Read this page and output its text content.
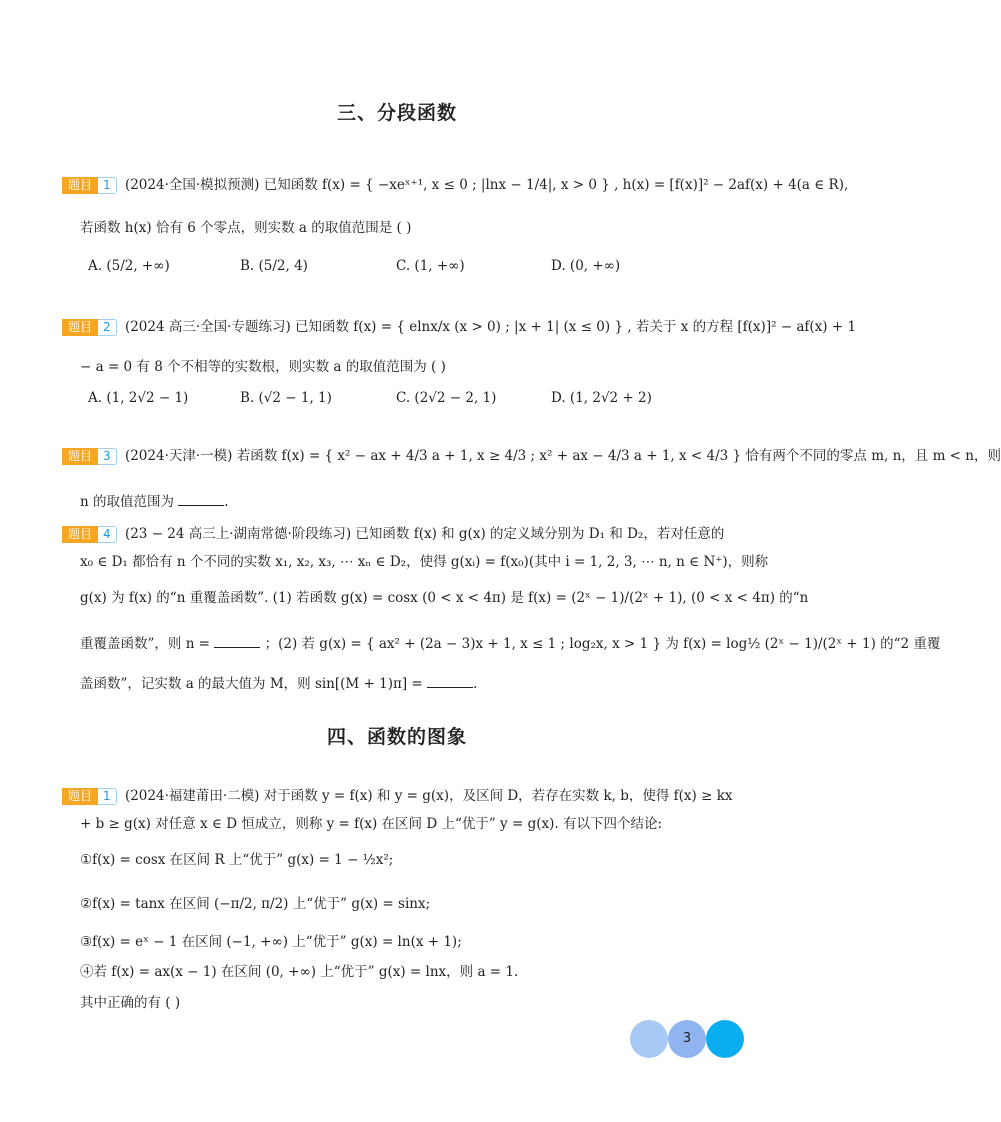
三、分段函数
题目 1	(2024·全国·模拟预测) 已知函数 f(x) = { −xeˣ⁺¹, x ≤ 0 ; |lnx − 1/4|, x > 0 } , h(x) = [f(x)]² − 2af(x) + 4(a ∈ R),
若函数 h(x) 恰有 6 个零点，则实数 a 的取值范围是 ( )
A. (5/2, +∞)	B. (5/2, 4)	C. (1, +∞)	D. (0, +∞)
题目 2	(2024 高三·全国·专题练习) 已知函数 f(x) = { elnx/x (x > 0) ; |x + 1| (x ≤ 0) } , 若关于 x 的方程 [f(x)]² − af(x) + 1
− a = 0 有 8 个不相等的实数根，则实数 a 的取值范围为 ( )
A. (1, 2√2 − 1)	B. (√2 − 1, 1)	C. (2√2 − 2, 1)	D. (1, 2√2 + 2)
题目 3	(2024·天津·一模) 若函数 f(x) = { x² − ax + 4/3 a + 1, x ≥ 4/3 ; x² + ax − 4/3 a + 1, x < 4/3 } 恰有两个不同的零点 m, n，且 m < n，则
n 的取值范围为	.
题目 4	(23 − 24 高三上·湖南常德·阶段练习) 已知函数 f(x) 和 g(x) 的定义域分别为 D₁ 和 D₂，若对任意的
x₀ ∈ D₁ 都恰有 n 个不同的实数 x₁, x₂, x₃, ⋯ xₙ ∈ D₂，使得 g(xᵢ) = f(x₀)(其中 i = 1, 2, 3, ⋯ n, n ∈ N⁺)，则称
g(x) 为 f(x) 的“n 重覆盖函数”. (1) 若函数 g(x) = cosx (0 < x < 4π) 是 f(x) = (2ˣ − 1)/(2ˣ + 1), (0 < x < 4π) 的“n
重覆盖函数”，则 n =	；(2) 若 g(x) = { ax² + (2a − 3)x + 1, x ≤ 1 ; log₂x, x > 1 } 为 f(x) = log½ (2ˣ − 1)/(2ˣ + 1) 的“2 重覆
盖函数”，记实数 a 的最大值为 M，则 sin[(M + 1)π] =	.
四、函数的图象
题目 1	(2024·福建莆田·二模) 对于函数 y = f(x) 和 y = g(x)，及区间 D，若存在实数 k, b，使得 f(x) ≥ kx
+ b ≥ g(x) 对任意 x ∈ D 恒成立，则称 y = f(x) 在区间 D 上“优于” y = g(x). 有以下四个结论:
①f(x) = cosx 在区间 R 上“优于” g(x) = 1 − ½x²;
②f(x) = tanx 在区间 (−π/2, π/2) 上“优于” g(x) = sinx;
③f(x) = eˣ − 1 在区间 (−1, +∞) 上“优于” g(x) = ln(x + 1);
④若 f(x) = ax(x − 1) 在区间 (0, +∞) 上“优于” g(x) = lnx，则 a = 1.
其中正确的有 ( )
3
